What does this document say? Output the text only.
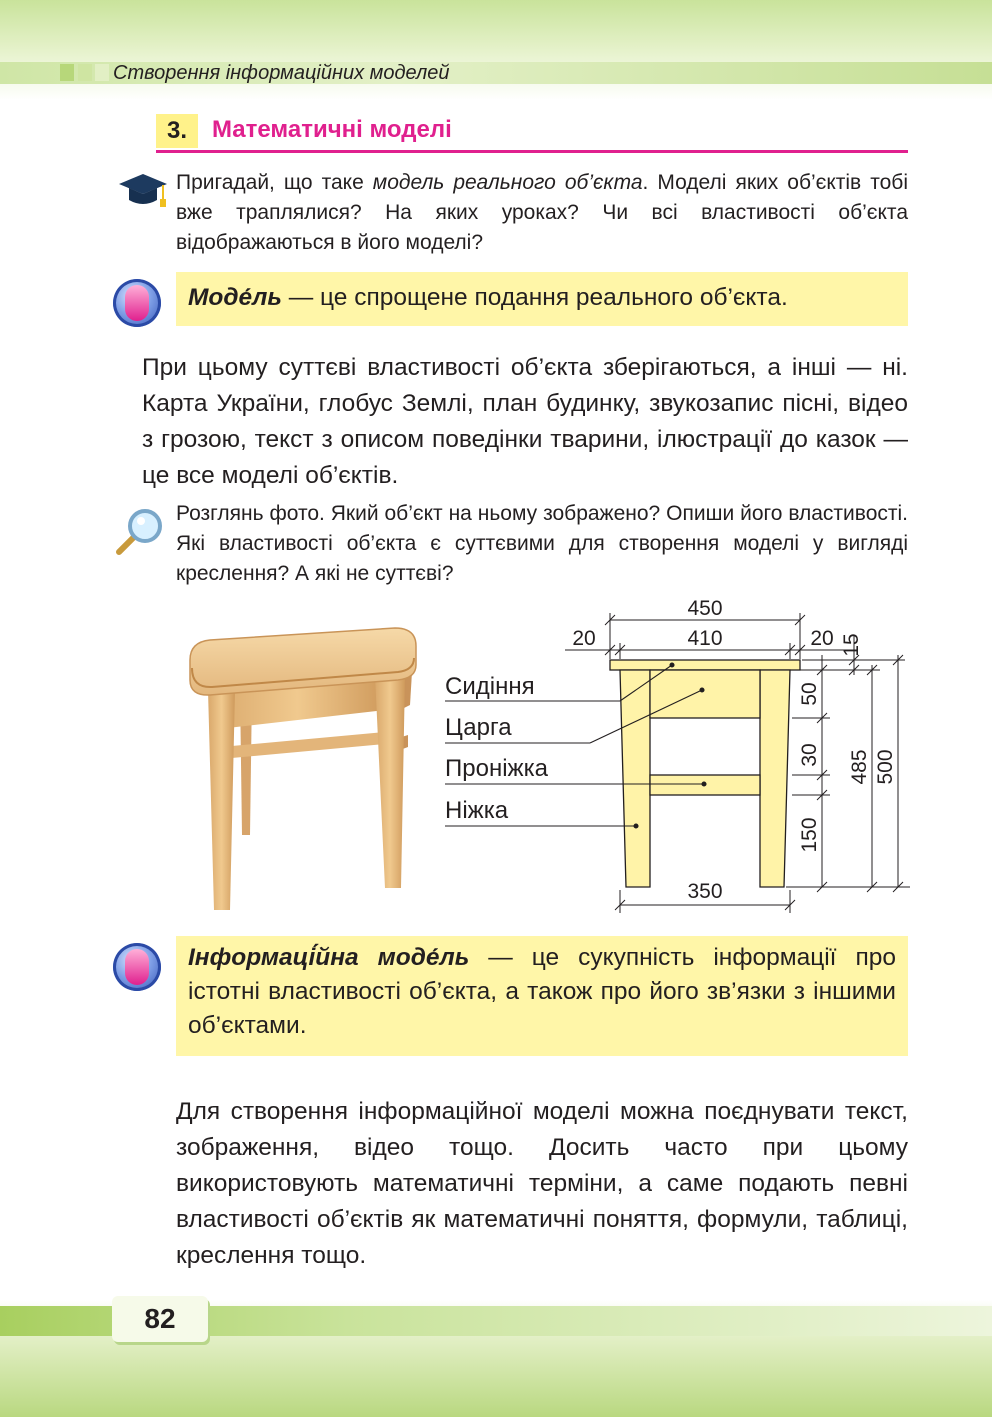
Створення інформаційних моделей
3.	Математичні моделі
Пригадай, що таке модель реального об’єкта. Моделі яких об’єктів тобі вже траплялися? На яких уроках? Чи всі властивості об’єкта відображаються в його моделі?
Моде́ль — це спрощене подання реального об’єкта.
При цьому суттєві властивості об’єкта зберігаються, а інші — ні. Карта України, глобус Землі, план будинку, звукозапис пісні, відео з грозою, текст з описом поведінки тварини, ілюстрації до казок — це все моделі об’єктів.
Розглянь фото. Який об’єкт на ньому зображено? Опиши його властивості. Які властивості об’єкта є суттєвими для створення моделі у вигляді креслення? А які не суттєві?
Сидіння
Царга
Проніжка
Ніжка
450
410
20	20
350
15
50
30
150
485 500
Інформаці́йна моде́ль — це сукупність інформації про істотні властивості об’єкта, а також про його зв’язки з іншими об’єктами.
Для створення інформаційної моделі можна поєднувати текст, зображення, відео тощо. Досить часто при цьому використовують математичні терміни, а саме подають певні властивості об’єктів як математичні поняття, формули, таблиці, креслення тощо.
82
